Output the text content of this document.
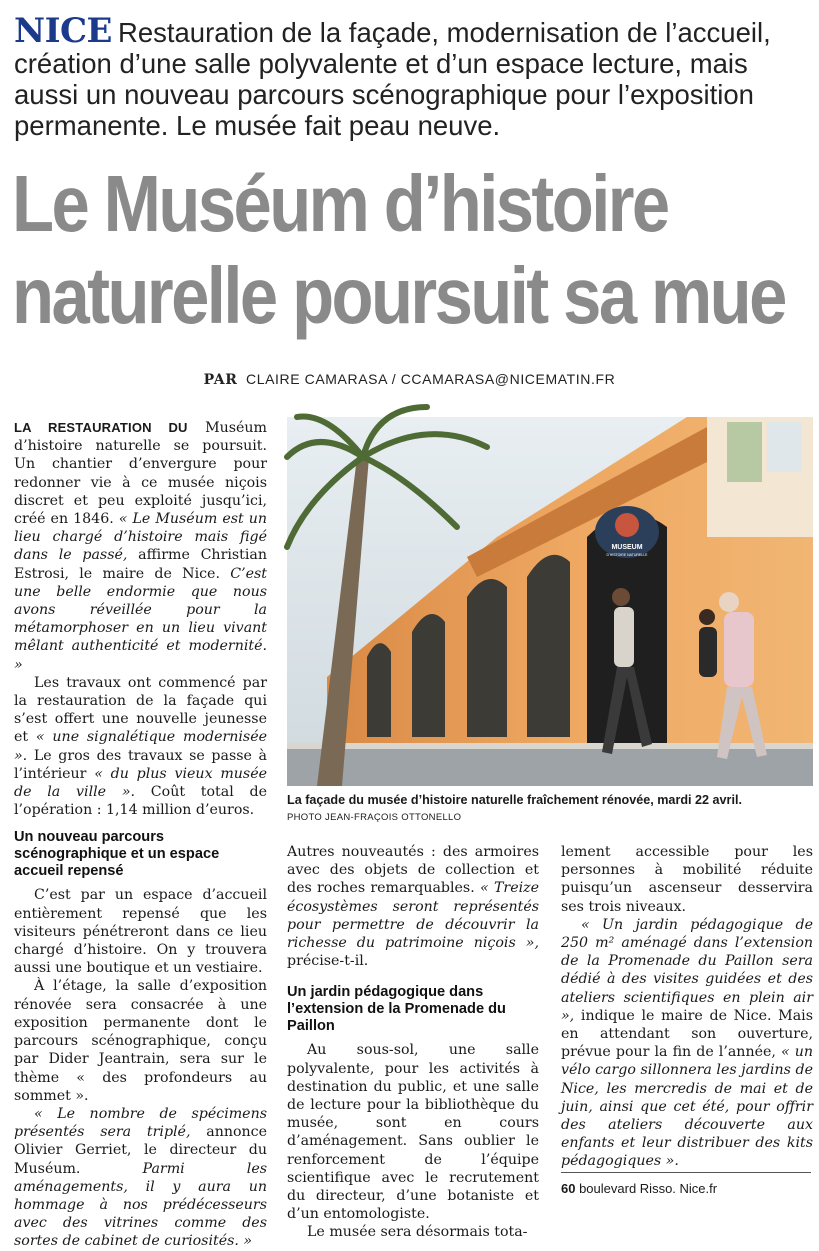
NICE Restauration de la façade, modernisation de l’accueil, création d’une salle polyvalente et d’un espace lecture, mais aussi un nouveau parcours scénographique pour l’exposition permanente. Le musée fait peau neuve.
Le Muséum d’histoire
naturelle poursuit sa mue
PAR CLAIRE CAMARASA / CCAMARASA@NICEMATIN.FR

LA RESTAURATION DU Muséum d’histoire naturelle se poursuit. Un chantier d’envergure pour redonner vie à ce musée niçois discret et peu exploité jusqu’ici, créé en 1846. « Le Muséum est un lieu chargé d’histoire mais figé dans le passé, affirme Christian Estrosi, le maire de Nice. C’est une belle endormie que nous avons réveillée pour la métamorphoser en un lieu vivant mêlant authenticité et modernité. »

Les travaux ont commencé par la restauration de la façade qui s’est offert une nouvelle jeunesse et « une signalétique modernisée ». Le gros des travaux se passe à l’intérieur « du plus vieux musée de la ville ». Coût total de l’opération : 1,14 million d’euros.

Un nouveau parcours scénographique et un espace accueil repensé

C’est par un espace d’accueil entièrement repensé que les visiteurs pénétreront dans ce lieu chargé d’histoire. On y trouvera aussi une boutique et un vestiaire.

À l’étage, la salle d’exposition rénovée sera consacrée à une exposition permanente dont le parcours scénographique, conçu par Dider Jeantrain, sera sur le thème « des profondeurs au sommet ».

« Le nombre de spécimens présentés sera triplé, annonce Olivier Gerriet, le directeur du Muséum. Parmi les aménagements, il y aura un hommage à nos prédécesseurs avec des vitrines comme des sortes de cabinet de curiosités. »

MUSEUM
D'HISTOIRE NATURELLE
La façade du musée d’histoire naturelle fraîchement rénovée, mardi 22 avril.
PHOTO JEAN-FRAÇOIS OTTONELLO

Autres nouveautés : des armoires avec des objets de collection et des roches remarquables. « Treize écosystèmes seront représentés pour permettre de découvrir la richesse du patrimoine niçois », précise-t-il.

Un jardin pédagogique dans l’extension de la Promenade du Paillon

Au sous-sol, une salle polyvalente, pour les activités à destination du public, et une salle de lecture pour la bibliothèque du musée, sont en cours d’aménagement. Sans oublier le renforcement de l’équipe scientifique avec le recrutement du directeur, d’une botaniste et d’un entomologiste.

Le musée sera désormais tota-

lement accessible pour les personnes à mobilité réduite puisqu’un ascenseur desservira ses trois niveaux.

« Un jardin pédagogique de 250 m² aménagé dans l’extension de la Promenade du Paillon sera dédié à des visites guidées et des ateliers scientifiques en plein air », indique le maire de Nice. Mais en attendant son ouverture, prévue pour la fin de l’année, « un vélo cargo sillonnera les jardins de Nice, les mercredis de mai et de juin, ainsi que cet été, pour offrir des ateliers découverte aux enfants et leur distribuer des kits pédagogiques ».

60 boulevard Risso. Nice.fr
